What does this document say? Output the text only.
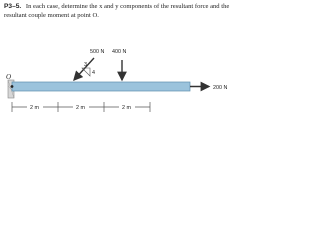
P3–5. In each case, determine the x and y components of the resultant force and the resultant couple moment at point O.
O
500 N
3
4
400 N
200 N
2 m	2 m	2 m
